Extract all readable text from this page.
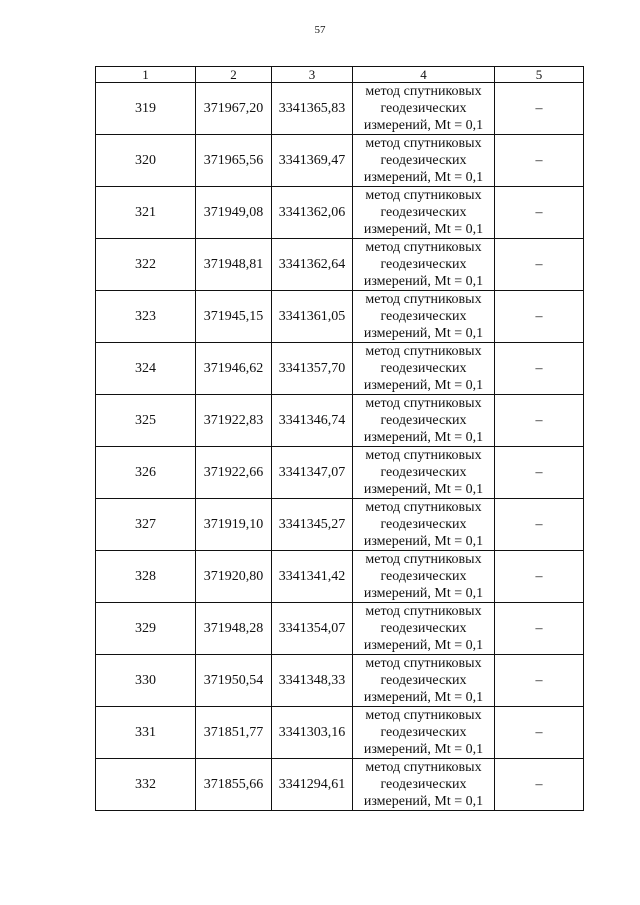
57
1	2	3	4	5
319	371967,20	3341365,83	метод спутниковых
геодезических
измерений, Mt = 0,1	–
320	371965,56	3341369,47	метод спутниковых
геодезических
измерений, Mt = 0,1	–
321	371949,08	3341362,06	метод спутниковых
геодезических
измерений, Mt = 0,1	–
322	371948,81	3341362,64	метод спутниковых
геодезических
измерений, Mt = 0,1	–
323	371945,15	3341361,05	метод спутниковых
геодезических
измерений, Mt = 0,1	–
324	371946,62	3341357,70	метод спутниковых
геодезических
измерений, Mt = 0,1	–
325	371922,83	3341346,74	метод спутниковых
геодезических
измерений, Mt = 0,1	–
326	371922,66	3341347,07	метод спутниковых
геодезических
измерений, Mt = 0,1	–
327	371919,10	3341345,27	метод спутниковых
геодезических
измерений, Mt = 0,1	–
328	371920,80	3341341,42	метод спутниковых
геодезических
измерений, Mt = 0,1	–
329	371948,28	3341354,07	метод спутниковых
геодезических
измерений, Mt = 0,1	–
330	371950,54	3341348,33	метод спутниковых
геодезических
измерений, Mt = 0,1	–
331	371851,77	3341303,16	метод спутниковых
геодезических
измерений, Mt = 0,1	–
332	371855,66	3341294,61	метод спутниковых
геодезических
измерений, Mt = 0,1	–
